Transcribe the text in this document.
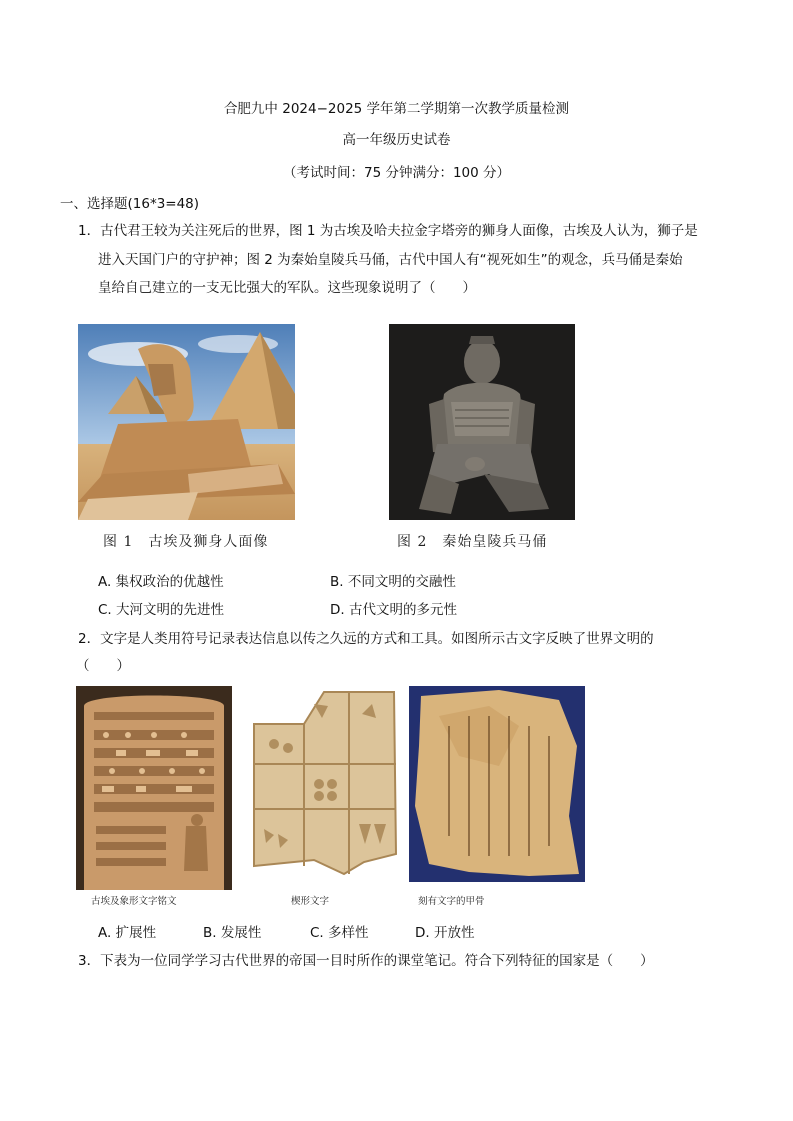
合肥九中 2024−2025 学年第二学期第一次教学质量检测
高一年级历史试卷
（考试时间：75 分钟满分：100 分）
一、选择题(16*3=48)
1．古代君王较为关注死后的世界，图 1 为古埃及哈夫拉金字塔旁的狮身人面像，古埃及人认为，狮子是
进入天国门户的守护神；图 2 为秦始皇陵兵马俑，古代中国人有“视死如生”的观念，兵马俑是秦始
皇给自己建立的一支无比强大的军队。这些现象说明了（　　）
图 1　古埃及狮身人面像	图 2　秦始皇陵兵马俑
A. 集权政治的优越性	B. 不同文明的交融性
C. 大河文明的先进性	D. 古代文明的多元性
2．文字是人类用符号记录表达信息以传之久远的方式和工具。如图所示古文字反映了世界文明的
（　　）
古埃及象形文字铭文	楔形文字	刻有文字的甲骨
A. 扩展性	B. 发展性	C. 多样性	D. 开放性
3．下表为一位同学学习古代世界的帝国一目时所作的课堂笔记。符合下列特征的国家是（　　）
